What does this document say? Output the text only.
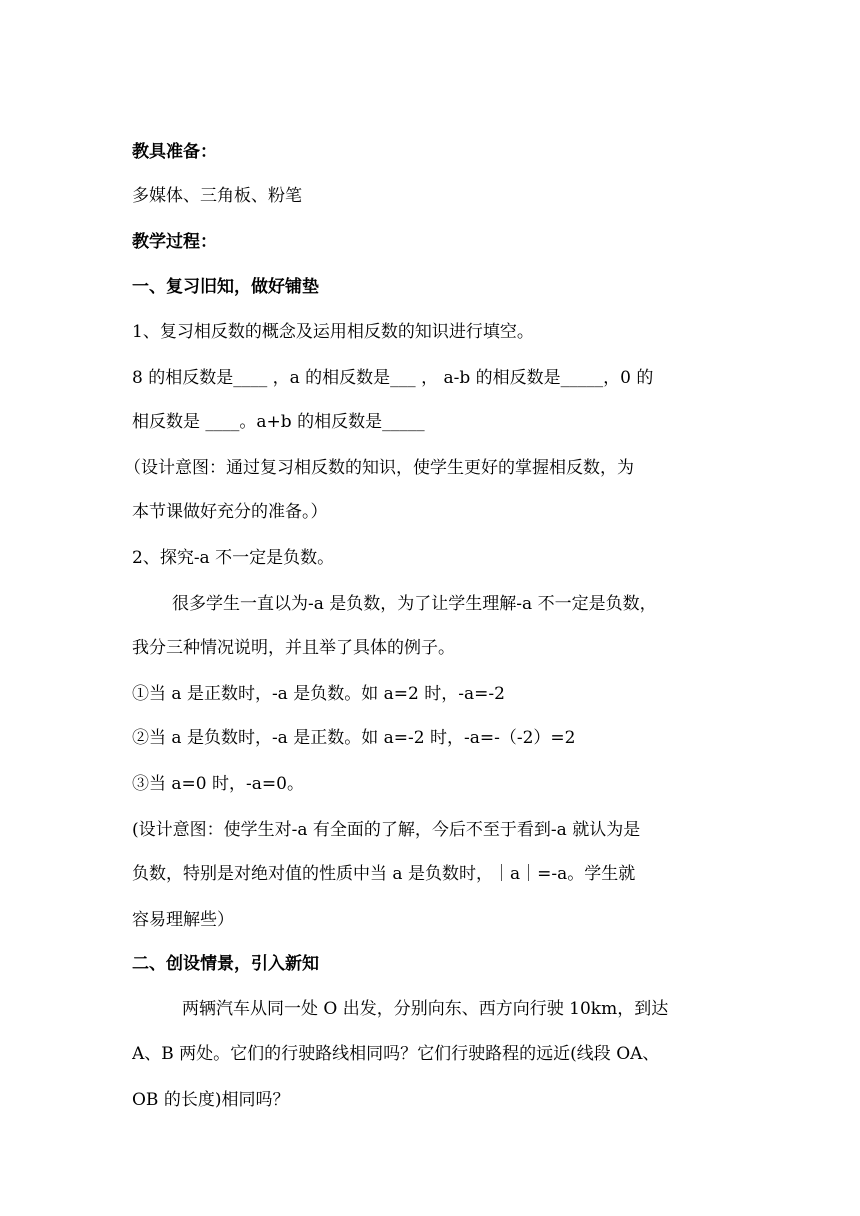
教具准备：
多媒体、三角板、粉笔
教学过程：
一、复习旧知，做好铺垫
1、复习相反数的概念及运用相反数的知识进行填空。
8 的相反数是____ ，a 的相反数是___ ， a-b 的相反数是_____，0 的
相反数是 ____。a+b 的相反数是_____
（设计意图：通过复习相反数的知识，使学生更好的掌握相反数，为
本节课做好充分的准备。）
2、探究-a 不一定是负数。
很多学生一直以为-a 是负数，为了让学生理解-a 不一定是负数，
我分三种情况说明，并且举了具体的例子。
①当 a 是正数时，-a 是负数。如 a=2 时，-a=-2
②当 a 是负数时，-a 是正数。如 a=-2 时，-a=-（-2）=2
③当 a=0 时，-a=0。
(设计意图：使学生对-a 有全面的了解，今后不至于看到-a 就认为是
负数，特别是对绝对值的性质中当 a 是负数时，｜a｜=-a。学生就
容易理解些）
二、创设情景，引入新知
两辆汽车从同一处 O 出发，分别向东、西方向行驶 10km，到达
A、B 两处。它们的行驶路线相同吗？它们行驶路程的远近(线段 OA、
OB 的长度)相同吗？
